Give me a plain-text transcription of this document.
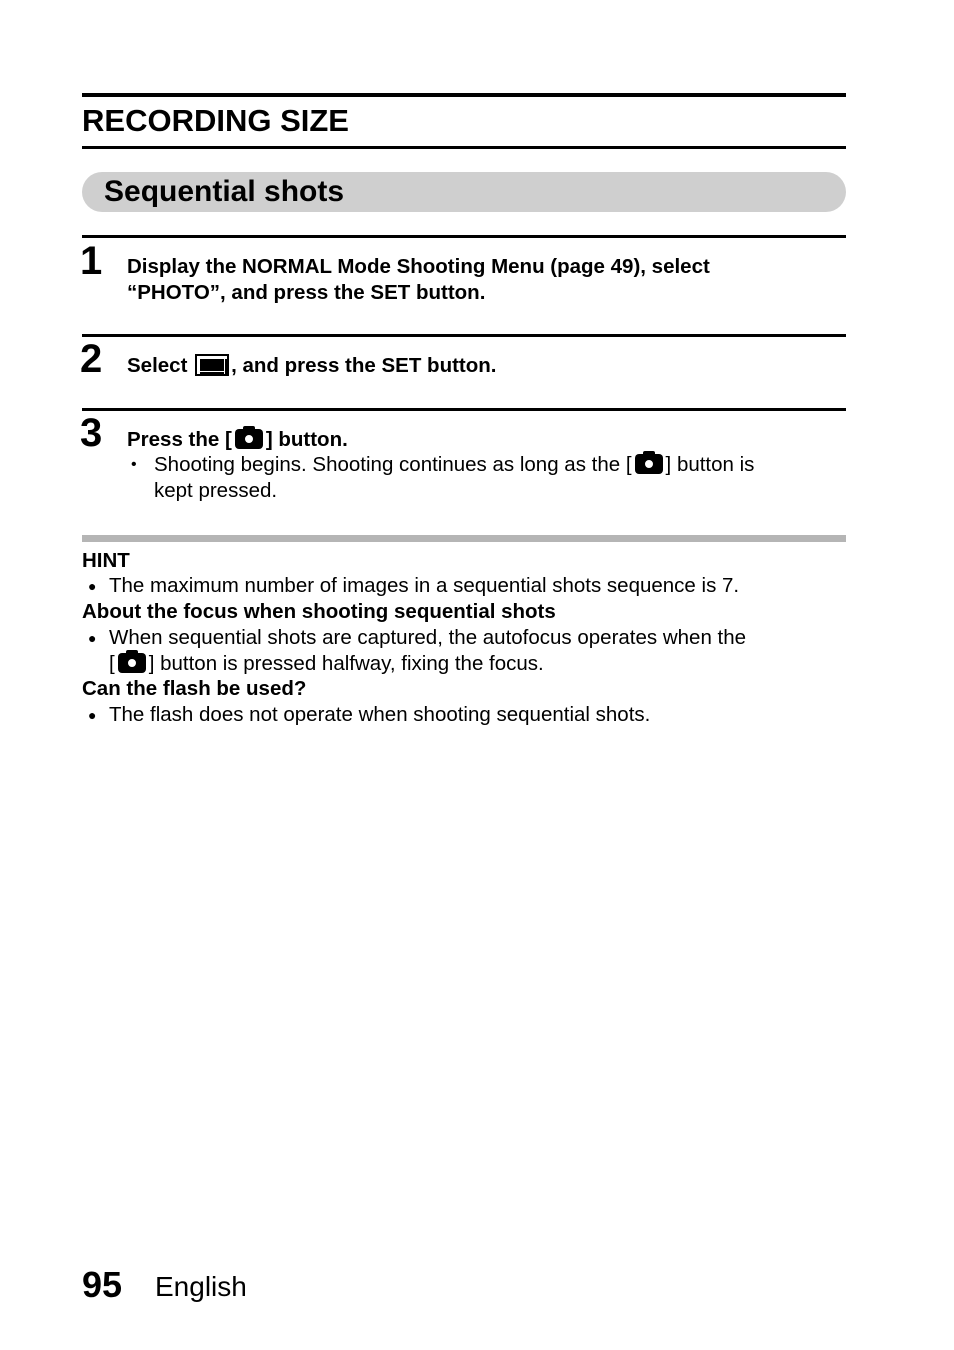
RECORDING SIZE
Sequential shots
1 Display the NORMAL Mode Shooting Menu (page 49), select
“PHOTO”, and press the SET button.
2 Select
, and press the SET button.
3 Press the [ ] button.
• Shooting begins. Shooting continues as long as the [ ] button is
kept pressed.
HINT
● The maximum number of images in a sequential shots sequence is 7.
About the focus when shooting sequential shots
● When sequential shots are captured, the autofocus operates when the
[ ] button is pressed halfway, fixing the focus.
Can the flash be used?
● The flash does not operate when shooting sequential shots.
95 English
